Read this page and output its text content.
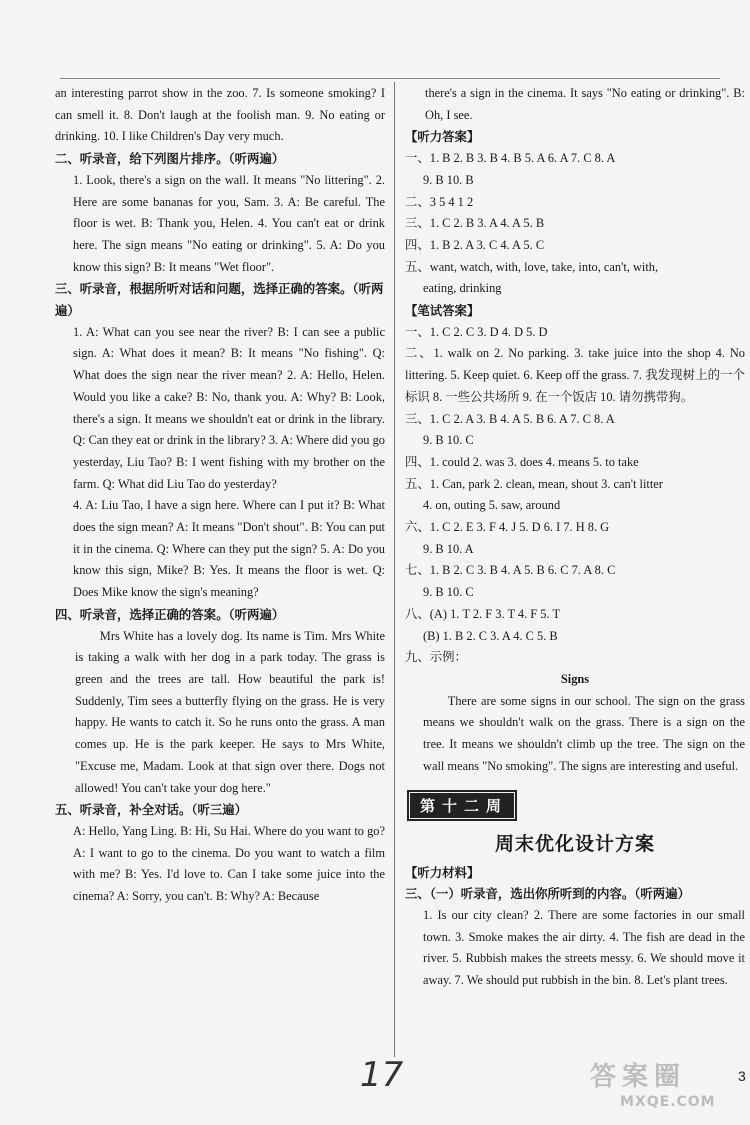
an interesting parrot show in the zoo. 7. Is someone smoking? I can smell it. 8. Don't laugh at the foolish man. 9. No eating or drinking. 10. I like Children's Day very much.
二、听录音，给下列图片排序。（听两遍）
1. Look, there's a sign on the wall. It means "No littering". 2. Here are some bananas for you, Sam. 3. A: Be careful. The floor is wet. B: Thank you, Helen. 4. You can't eat or drink here. The sign means "No eating or drinking". 5. A: Do you know this sign? B: It means "Wet floor".
三、听录音，根据所听对话和问题，选择正确的答案。（听两遍）
1. A: What can you see near the river? B: I can see a public sign. A: What does it mean? B: It means "No fishing". Q: What does the sign near the river mean? 2. A: Hello, Helen. Would you like a cake? B: No, thank you. A: Why? B: Look, there's a sign. It means we shouldn't eat or drink in the library. Q: Can they eat or drink in the library? 3. A: Where did you go yesterday, Liu Tao? B: I went fishing with my brother on the farm. Q: What did Liu Tao do yesterday?
4. A: Liu Tao, I have a sign here. Where can I put it? B: What does the sign mean? A: It means "Don't shout". B: You can put it in the cinema. Q: Where can they put the sign? 5. A: Do you know this sign, Mike? B: Yes. It means the floor is wet. Q: Does Mike know the sign's meaning?
四、听录音，选择正确的答案。（听两遍）
Mrs White has a lovely dog. Its name is Tim. Mrs White is taking a walk with her dog in a park today. The grass is green and the trees are tall. How beautiful the park is! Suddenly, Tim sees a butterfly flying on the grass. He is very happy. He wants to catch it. So he runs onto the grass. A man comes up. He is the park keeper. He says to Mrs White, "Excuse me, Madam. Look at that sign over there. Dogs not allowed! You can't take your dog here."
五、听录音，补全对话。（听三遍）
A: Hello, Yang Ling. B: Hi, Su Hai. Where do you want to go? A: I want to go to the cinema. Do you want to watch a film with me? B: Yes. I'd love to. Can I take some juice into the cinema? A: Sorry, you can't. B: Why? A: Because
there's a sign in the cinema. It says "No eating or drinking". B: Oh, I see.
【听力答案】
一、1. B 2. B 3. B 4. B 5. A 6. A 7. C 8. A
9. B 10. B
二、3 5 4 1 2
三、1. C 2. B 3. A 4. A 5. B
四、1. B 2. A 3. C 4. A 5. C
五、want, watch, with, love, take, into, can't, with,
eating, drinking
【笔试答案】
一、1. C 2. C 3. D 4. D 5. D
二、1. walk on 2. No parking. 3. take juice into the shop 4. No littering. 5. Keep quiet. 6. Keep off the grass. 7. 我发现树上的一个标识 8. 一些公共场所 9. 在一个饭店 10. 请勿携带狗。
三、1. C 2. A 3. B 4. A 5. B 6. A 7. C 8. A
9. B 10. C
四、1. could 2. was 3. does 4. means 5. to take
五、1. Can, park 2. clean, mean, shout 3. can't litter
4. on, outing 5. saw, around
六、1. C 2. E 3. F 4. J 5. D 6. I 7. H 8. G
9. B 10. A
七、1. B 2. C 3. B 4. A 5. B 6. C 7. A 8. C
9. B 10. C
八、(A) 1. T 2. F 3. T 4. F 5. T
(B) 1. B 2. C 3. A 4. C 5. B
九、示例：
Signs
There are some signs in our school. The sign on the grass means we shouldn't walk on the grass. There is a sign on the tree. It means we shouldn't climb up the tree. The sign on the wall means "No smoking". The signs are interesting and useful.
第十二周
周末优化设计方案
【听力材料】
三、（一）听录音，选出你所听到的内容。（听两遍）
1. Is our city clean? 2. There are some factories in our small town. 3. Smoke makes the air dirty. 4. The fish are dead in the river. 5. Rubbish makes the streets messy. 6. We should move it away. 7. We should put rubbish in the bin. 8. Let's plant trees.
17	答案圈
MXQE.COM
3
